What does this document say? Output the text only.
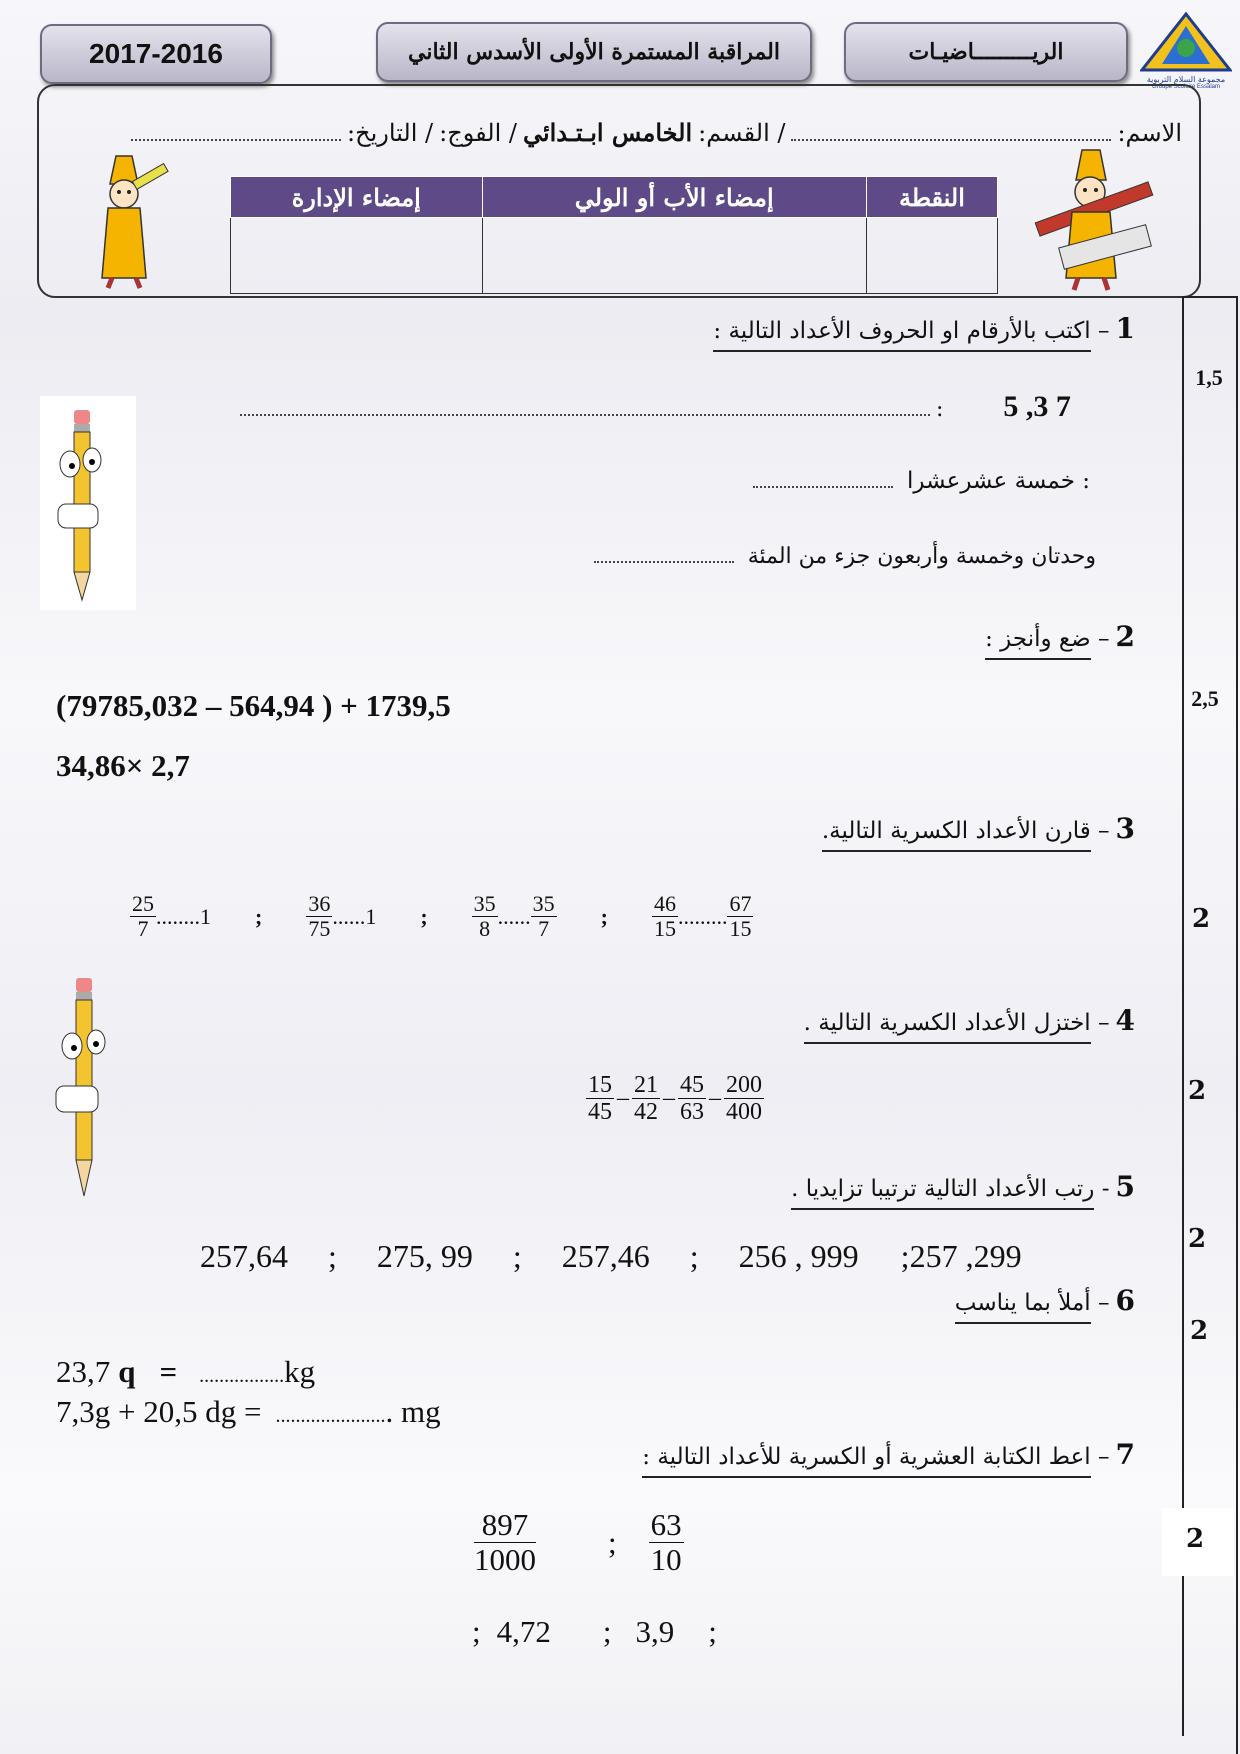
2017-2016	المراقبة المستمرة الأولى الأسدس الثاني	الريـــــــــاضيـات
مجموعة السلام التربوية
Groupe Scolaire Essalam
الاسم:
/ القسم:
الخامس ابـتـدائي
/ الفوج:
/ التاريخ:
النقطة	إمضاء الأب أو الولي	إمضاء الإدارة

1– اكتب بالأرقام او الحروف الأعداد التالية :
1,5
: 5 ,3 7
: خمسة عشرعشرا
وحدتان وخمسة وأربعون جزء من المئة
2– ضع وأنجز :
2,5
(79785,032 – 564,94 ) + 1739,5
34,86× 2,7
3– قارن الأعداد الكسرية التالية.
2
$\frac{25}{7}$ ........ 1 ; $\frac{36}{75}$ ...... 1 ; $\frac{35}{8}$ ...... $\frac{35}{7}$ ; $\frac{46}{15}$ ......... $\frac{67}{15}$
4– اختزل الأعداد الكسرية التالية .
2
$\frac{15}{45} - \frac{21}{42} - \frac{45}{63} - \frac{200}{400}$
5- رتب الأعداد التالية ترتيبا تزايديا .
2
257,64 ; 275, 99 ; 257,46 ; 256 , 999 ; 257 ,299
6– أملأ بما يناسب
2
23,7 q = ................. kg
7,3g + 20,5 dg = ...................... . mg
7– اعط الكتابة العشرية أو الكسرية للأعداد التالية :
2
$\frac{897}{1000}$ ; $\frac{63}{10}$
; 4,72 ; 3,9 ;
